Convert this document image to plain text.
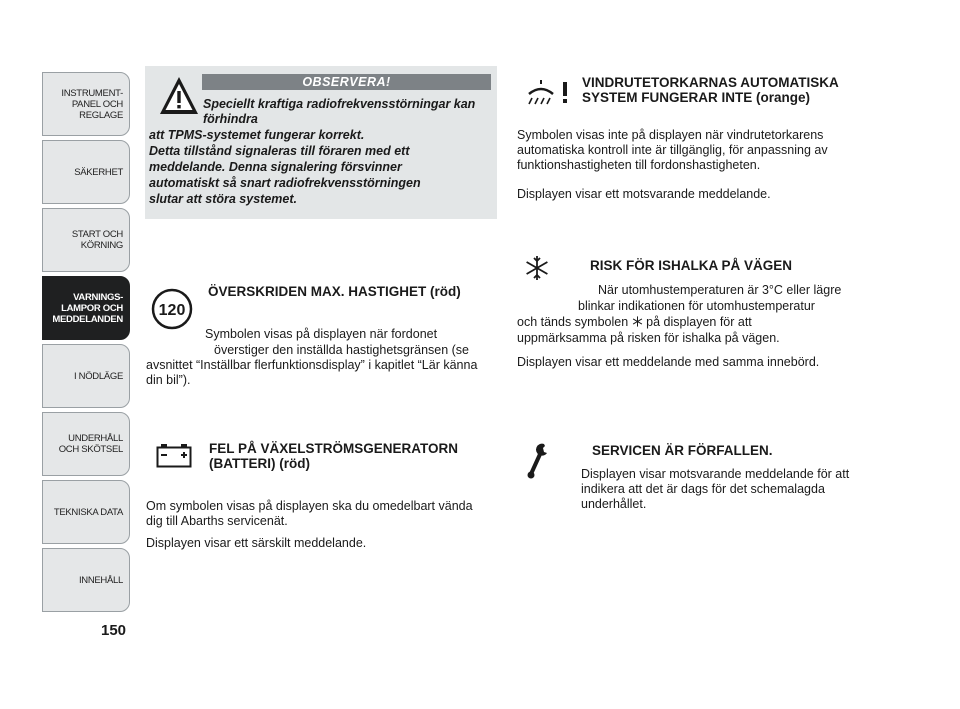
INSTRUMENT-
PANEL OCH
REGLAGE
SÄKERHET
START OCH
KÖRNING
VARNINGS-
LAMPOR OCH
MEDDELANDEN
I NÖDLÄGE
UNDERHÅLL
OCH SKÖTSEL
TEKNISKA DATA
INNEHÅLL
150
OBSERVERA!
Speciellt kraftiga radiofrekvensstörningar kan förhindra
att TPMS-systemet fungerar korrekt.
Detta tillstånd signaleras till föraren med ett
meddelande. Denna signalering försvinner
automatiskt så snart radiofrekvensstörningen
slutar att störa systemet.
120
ÖVERSKRIDEN MAX. HASTIGHET (röd)
Symbolen visas på displayen när fordonet
överstiger den inställda hastighetsgränsen (se avsnittet “Inställbar flerfunktionsdisplay” i kapitlet “Lär känna din bil”).
FEL PÅ VÄXELSTRÖMSGENERATORN (BATTERI) (röd)
Om symbolen visas på displayen ska du omedelbart vända dig till Abarths servicenät.
Displayen visar ett särskilt meddelande.
VINDRUTETORKARNAS AUTOMATISKA SYSTEM FUNGERAR INTE (orange)
Symbolen visas inte på displayen när vindrutetorkarens automatiska kontroll inte är tillgänglig, för anpassning av funktionshastigheten till fordonshastigheten.
Displayen visar ett motsvarande meddelande.
RISK FÖR ISHALKA PÅ VÄGEN
När utomhustemperaturen är 3°C eller lägre
blinkar indikationen för utomhustemperatur
och tänds symbolen på displayen för att
uppmärksamma på risken för ishalka på vägen.
Displayen visar ett meddelande med samma innebörd.
SERVICEN ÄR FÖRFALLEN.
Displayen visar motsvarande meddelande för att indikera att det är dags för det schemalagda underhållet.
